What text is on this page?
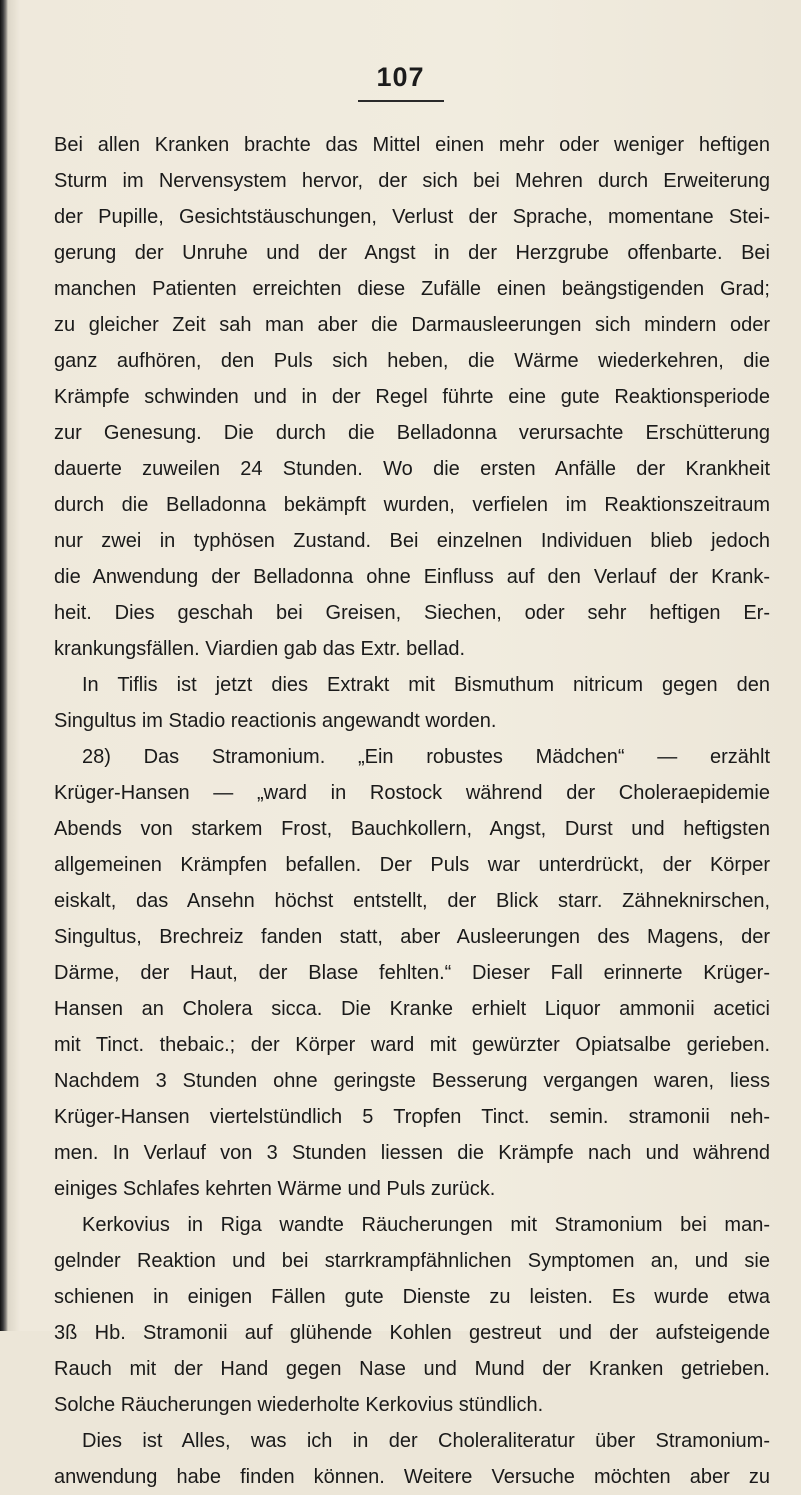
107
Bei allen Kranken brachte das Mittel einen mehr oder weniger heftigen
Sturm im Nervensystem hervor, der sich bei Mehren durch Erweiterung
der Pupille, Gesichtstäuschungen, Verlust der Sprache, momentane Stei-
gerung der Unruhe und der Angst in der Herzgrube offenbarte. Bei
manchen Patienten erreichten diese Zufälle einen beängstigenden Grad;
zu gleicher Zeit sah man aber die Darmausleerungen sich mindern oder
ganz aufhören, den Puls sich heben, die Wärme wiederkehren, die
Krämpfe schwinden und in der Regel führte eine gute Reaktionsperiode
zur Genesung. Die durch die Belladonna verursachte Erschütterung
dauerte zuweilen 24 Stunden. Wo die ersten Anfälle der Krankheit
durch die Belladonna bekämpft wurden, verfielen im Reaktionszeitraum
nur zwei in typhösen Zustand. Bei einzelnen Individuen blieb jedoch
die Anwendung der Belladonna ohne Einfluss auf den Verlauf der Krank-
heit. Dies geschah bei Greisen, Siechen, oder sehr heftigen Er-
krankungsfällen. Viardien gab das Extr. bellad.
In Tiflis ist jetzt dies Extrakt mit Bismuthum nitricum gegen den
Singultus im Stadio reactionis angewandt worden.
28) Das Stramonium. „Ein robustes Mädchen“ — erzählt
Krüger-Hansen — „ward in Rostock während der Choleraepidemie
Abends von starkem Frost, Bauchkollern, Angst, Durst und heftigsten
allgemeinen Krämpfen befallen. Der Puls war unterdrückt, der Körper
eiskalt, das Ansehn höchst entstellt, der Blick starr. Zähneknirschen,
Singultus, Brechreiz fanden statt, aber Ausleerungen des Magens, der
Därme, der Haut, der Blase fehlten.“ Dieser Fall erinnerte Krüger-
Hansen an Cholera sicca. Die Kranke erhielt Liquor ammonii acetici
mit Tinct. thebaic.; der Körper ward mit gewürzter Opiatsalbe gerieben.
Nachdem 3 Stunden ohne geringste Besserung vergangen waren, liess
Krüger-Hansen viertelstündlich 5 Tropfen Tinct. semin. stramonii neh-
men. In Verlauf von 3 Stunden liessen die Krämpfe nach und während
einiges Schlafes kehrten Wärme und Puls zurück.
Kerkovius in Riga wandte Räucherungen mit Stramonium bei man-
gelnder Reaktion und bei starrkrampfähnlichen Symptomen an, und sie
schienen in einigen Fällen gute Dienste zu leisten. Es wurde etwa
3ß Hb. Stramonii auf glühende Kohlen gestreut und der aufsteigende
Rauch mit der Hand gegen Nase und Mund der Kranken getrieben.
Solche Räucherungen wiederholte Kerkovius stündlich.
Dies ist Alles, was ich in der Choleraliteratur über Stramonium-
anwendung habe finden können. Weitere Versuche möchten aber zu
